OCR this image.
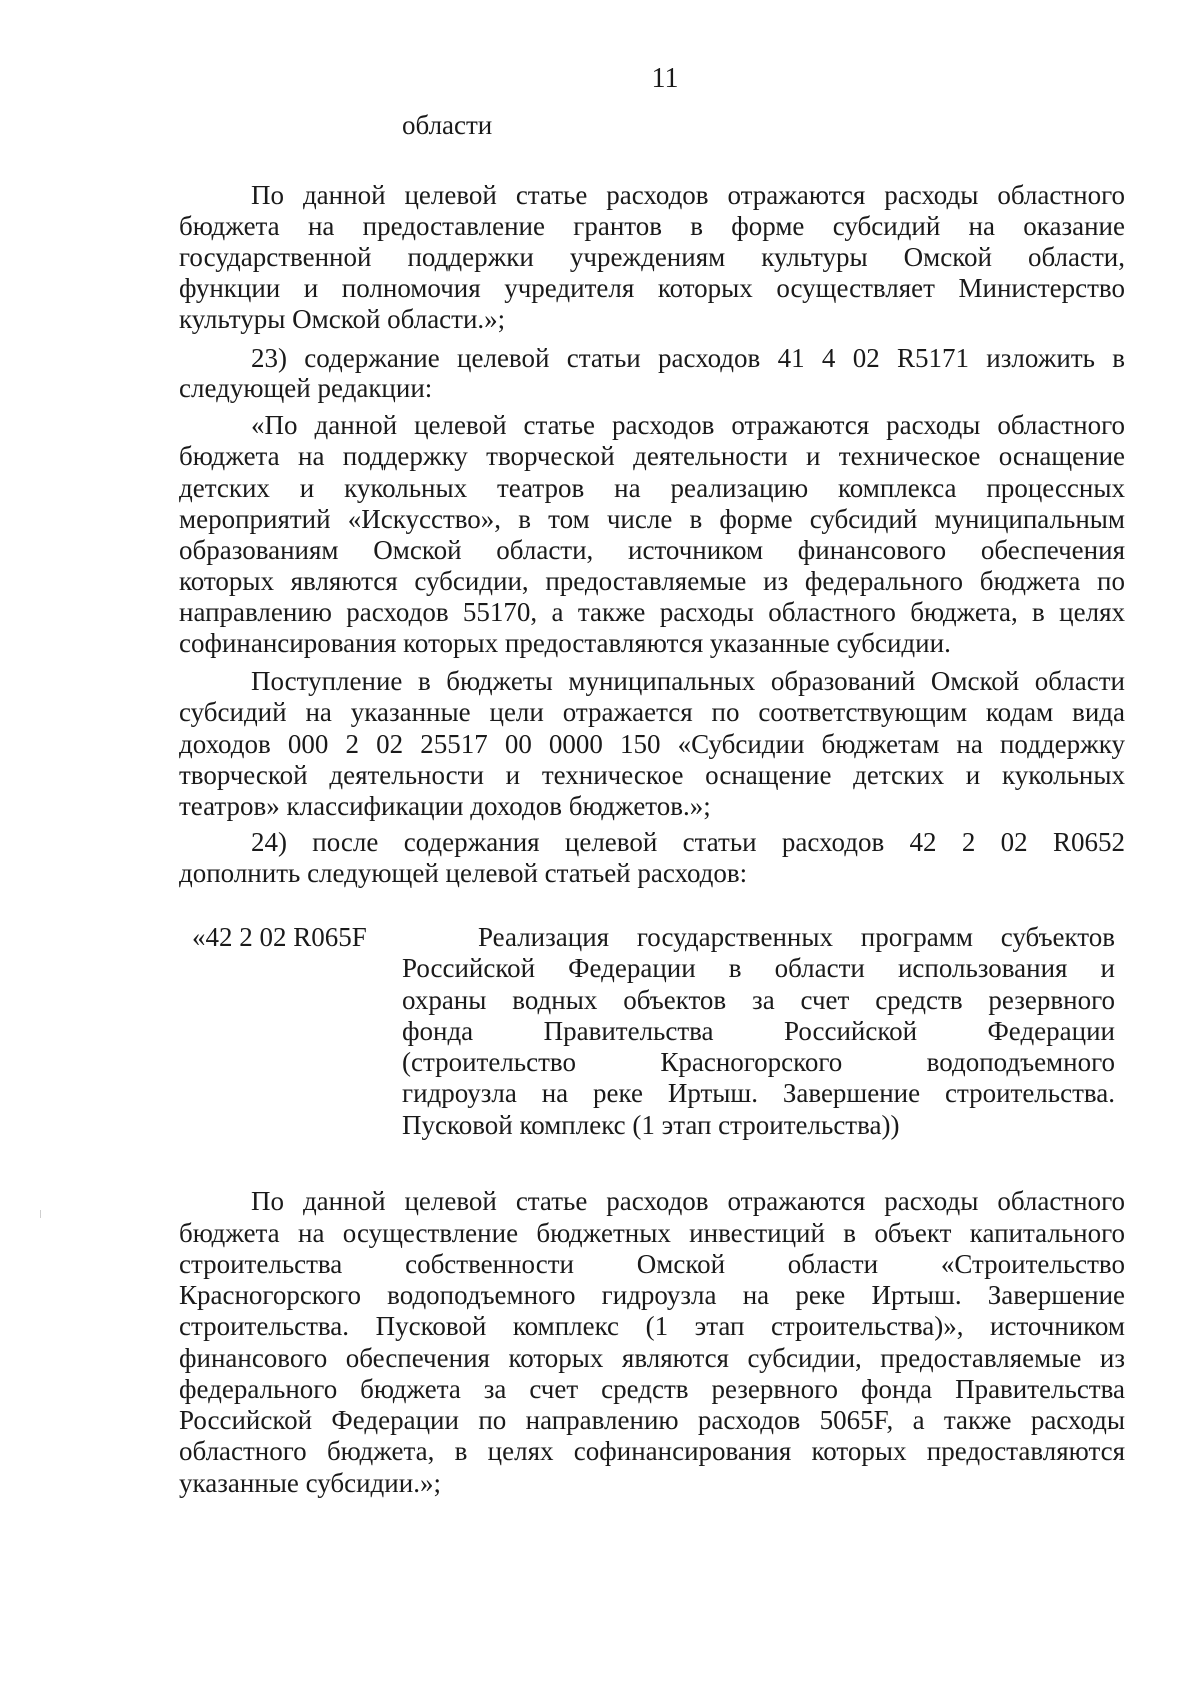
11
области
По данной целевой статье расходов отражаются расходы областного
бюджета на предоставление грантов в форме субсидий на оказание
государственной поддержки учреждениям культуры Омской области,
функции и полномочия учредителя которых осуществляет Министерство
культуры Омской области.»;
23) содержание целевой статьи расходов 41 4 02 R5171 изложить в
следующей редакции:
«По данной целевой статье расходов отражаются расходы областного
бюджета на поддержку творческой деятельности и техническое оснащение
детских и кукольных театров на реализацию комплекса процессных
мероприятий «Искусство», в том числе в форме субсидий муниципальным
образованиям Омской области, источником финансового обеспечения
которых являются субсидии, предоставляемые из федерального бюджета по
направлению расходов 55170, а также расходы областного бюджета, в целях
софинансирования которых предоставляются указанные субсидии.
Поступление в бюджеты муниципальных образований Омской области
субсидий на указанные цели отражается по соответствующим кодам вида
доходов 000 2 02 25517 00 0000 150 «Субсидии бюджетам на поддержку
творческой деятельности и техническое оснащение детских и кукольных
театров» классификации доходов бюджетов.»;
24) после содержания целевой статьи расходов 42 2 02 R0652
дополнить следующей целевой статьей расходов:
«42 2 02 R065F	Реализация государственных программ субъектов
Российской Федерации в области использования и
охраны водных объектов за счет средств резервного
фонда Правительства Российской Федерации
(строительство Красногорского водоподъемного
гидроузла на реке Иртыш. Завершение строительства.
Пусковой комплекс (1 этап строительства))
По данной целевой статье расходов отражаются расходы областного
бюджета на осуществление бюджетных инвестиций в объект капитального
строительства собственности Омской области «Строительство
Красногорского водоподъемного гидроузла на реке Иртыш. Завершение
строительства. Пусковой комплекс (1 этап строительства)», источником
финансового обеспечения которых являются субсидии, предоставляемые из
федерального бюджета за счет средств резервного фонда Правительства
Российской Федерации по направлению расходов 5065F, а также расходы
областного бюджета, в целях софинансирования которых предоставляются
указанные субсидии.»;
